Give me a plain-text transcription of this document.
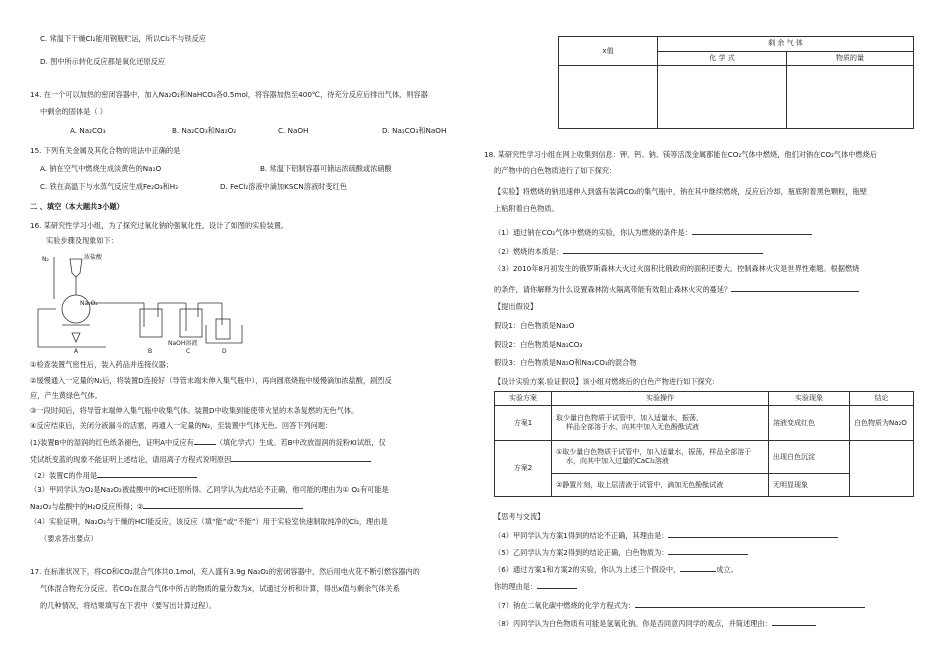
C. 常温下干燥Cl₂能用钢瓶贮运，所以Cl₂不与铁反应
D. 图中所示转化反应都是氧化还原反应
14. 在一个可以加热的密闭容器中，加入Na₂O₂和NaHCO₃各0.5mol，将容器加热至400℃，待充分反应后排出气体，则容器
中剩余的固体是（ ）
A. Na₂CO₃	B. Na₂CO₃和Na₂O₂	C. NaOH	D. Na₂CO₃和NaOH
15. 下列有关金属及其化合物的说法中正确的是
A. 钠在空气中燃烧生成淡黄色的Na₂O	B. 常温下铝制容器可储运浓硫酸或浓硝酸
C. 铁在高温下与水蒸气反应生成Fe₂O₃和H₂	D. FeCl₂溶液中滴加KSCN溶液时变红色
二 、填空（本大题共3小题）
16. 某研究性学习小组，为了探究过氧化钠的强氧化性，设计了如图的实验装置。
实验步骤及现象如下：
N₂	浓盐酸
Na₂O₂
NaOH溶液
A	B	C	D
①检查装置气密性后，装入药品并连接仪器；
②缓慢通入一定量的N₂后，将装置D连接好（导管末端未伸入集气瓶中），再向圆底烧瓶中缓慢滴加浓盐酸，剧烈反
应，产生黄绿色气体。
③一段时间后，将导管末端伸入集气瓶中收集气体。装置D中收集到能使带火星的木条复燃的无色气体。
④反应结束后，关闭分液漏斗的活塞，再通入一定量的N₂，至装置中气体无色。回答下列问题：
(1)装置B中的湿润的红色纸条褪色，证明A中反应有	（填化学式）生成。若B中改放湿润的淀粉KI试纸，仅
凭试纸变蓝的现象不能证明上述结论，请用离子方程式说明原因
（2）装置C的作用是
（3）甲同学认为O₂是Na₂O₂被盐酸中的HCl还原所得。乙同学认为此结论不正确，他可能的理由为① O₂有可能是
Na₂O₂与盐酸中的H₂O反应所得；②
（4）实验证明，Na₂O₂与干燥的HCl能反应，该反应（填“能”或“不能”）用于实验室快速制取纯净的Cl₂，理由是
（要求答出要点）
17. 在标准状况下，将CO和CO₂混合气体共0.1mol，充入盛有3.9g Na₂O₂的密闭容器中，然后用电火花不断引燃容器内的
气体混合物充分反应。若CO₂在混合气体中所占的物质的量分数为x，试通过分析和计算，得出x值与剩余气体关系
的几种情况，将结果填写在下表中（要写出计算过程）。
x值	剩 余 气 体	
	化 学 式	物质的量

18. 某研究性学习小组在网上收集到信息：钾、钙、钠、镁等活泼金属都能在CO₂气体中燃烧，他们对钠在CO₂气体中燃烧后
的产物中的白色物质进行了如下探究：
【实验】将燃烧的钠迅速伸入到盛有装满CO₂的集气瓶中，钠在其中继续燃烧，反应后冷却，瓶底附着黑色颗粒，瓶壁
上粘附着白色物质。
（1）通过钠在CO₂气体中燃烧的实验，你认为燃烧的条件是：
（2）燃烧的本质是：
（3）2010年8月初发生的俄罗斯森林大火过火面积比俄政府的面积还要大。控制森林火灾是世界性难题。根据燃烧
的条件，请你解释为什么设置森林防火隔离带能有效阻止森林火灾的蔓延？
【提出假设】
假设1：白色物质是Na₂O
假设2：白色物质是Na₂CO₃
假设3：白色物质是Na₂O和Na₂CO₃的混合物
【设计实验方案.验证假设】该小组对燃烧后的白色产物进行如下探究：
实验方案	实验操作	实验现象	结论
方案1	取少量白色物质于试管中，加入适量水，振荡，
样品全部溶于水，向其中加入无色酚酞试液	溶液变成红色	白色物质为Na₂O
方案2	①取少量白色物质于试管中，加入适量水，振荡，样品全部溶于
水，向其中加入过量的CaCl₂溶液	出现白色沉淀	
	②静置片刻，取上层清液于试管中，滴加无色酚酞试液	无明显现象	
【思考与交流】
（4）甲同学认为方案1得到的结论不正确，其理由是：
（5）乙同学认为方案2得到的结论正确，白色物质为：
（6）通过方案1和方案2的实验，你认为上述三个假设中，	成立。
你的理由是：
（7）钠在二氧化碳中燃烧的化学方程式为：
（8）丙同学认为白色物质有可能是氢氧化钠。你是否同意丙同学的观点，并简述理由：
